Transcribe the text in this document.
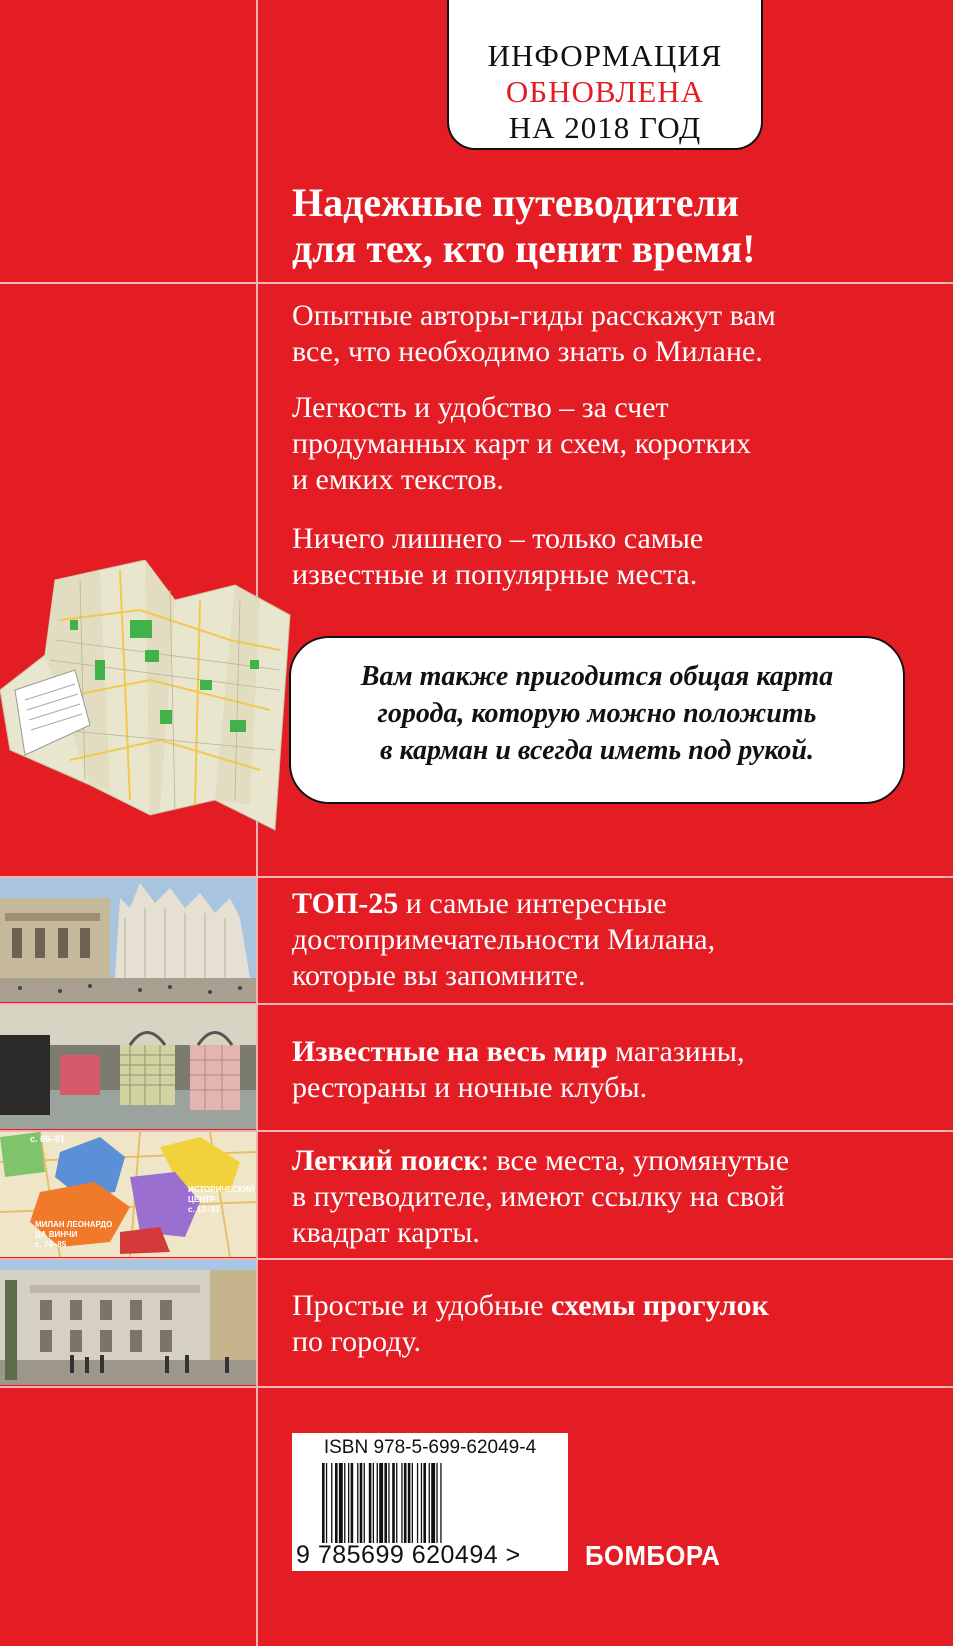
ИНФОРМАЦИЯ
ОБНОВЛЕНА
НА 2018 ГОД
Надежные путеводители
для тех, кто ценит время!
Опытные авторы-гиды расскажут вам
все, что необходимо знать о Милане.
Легкость и удобство – за счет
продуманных карт и схем, коротких
и емких текстов.
Ничего лишнего – только самые
известные и популярные места.
Вам также пригодится общая карта
города, которую можно положить
в карман и всегда иметь под рукой.
с. 66–91
ИСТОРИЧЕСКИЙ
ЦЕНТР
с. 12–33
МИЛАН ЛЕОНАРДО
ДА ВИНЧИ
с. 74–85
ТОП-25 и самые интересные
достопримечательности Милана,
которые вы запомните.
Известные на весь мир магазины,
рестораны и ночные клубы.
Легкий поиск: все места, упомянутые
в путеводителе, имеют ссылку на свой
квадрат карты.
Простые и удобные схемы прогулок
по городу.
ISBN 978-5-699-62049-4
9 785699 620494 >	БОМБОРА
